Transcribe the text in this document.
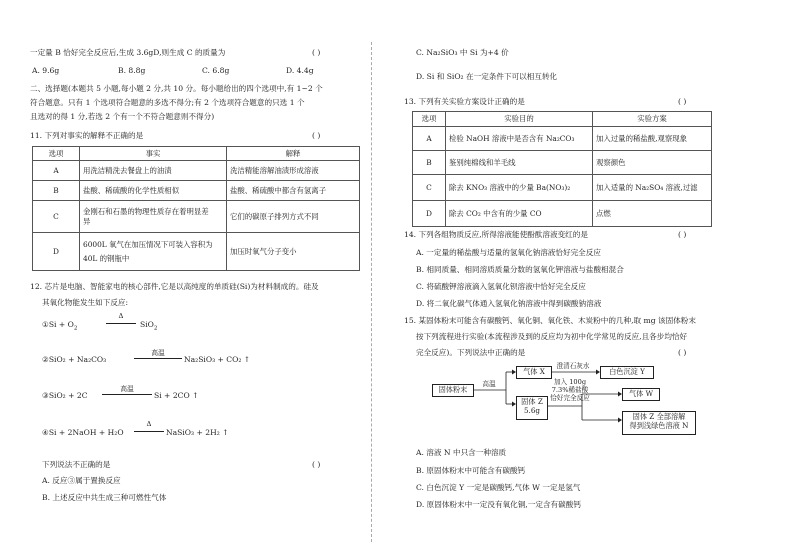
一定量 B 恰好完全反应后,生成 3.6gD,则生成 C 的质量为	( )
A. 9.6g	B. 8.8g	C. 6.8g	D. 4.4g
二、选择题(本题共 5 小题,每小题 2 分,共 10 分。每小题给出的四个选项中,有 1~2 个
符合题意。只有 1 个选项符合题意的多选不得分;有 2 个选项符合题意的只选 1 个
且选对的得 1 分,若选 2 个有一个不符合题意则不得分)
11. 下列对事实的解释不正确的是	( )
选项	事实	解释
A	用洗洁精洗去餐盘上的油渍	洗洁精能溶解油渍形成溶液
B	盐酸、稀硫酸的化学性质相似	盐酸、稀硫酸中都含有氢离子
C	金刚石和石墨的物理性质存在着明显差
异	它们的碳原子排列方式不同
D	6000L 氧气在加压情况下可装入容积为
40L 的钢瓶中	加压时氧气分子变小
12. 芯片是电脑、智能家电的核心部件,它是以高纯度的单质硅(Si)为材料制成的。硅及
其氧化物能发生如下反应:
①Si + $O_2$
Δ
SiO$_2$
②SiO₂ + Na₂CO₃
高温
Na₂SiO₃ + CO₂ ↑
③SiO₂ + 2C
高温
Si + 2CO ↑
④Si + 2NaOH + H₂O
Δ
NaSiO₃ + 2H₂ ↑
下列说法不正确的是	( )
A. 反应③属于置换反应
B. 上述反应中共生成三种可燃性气体
C. Na₂SiO₃ 中 Si 为+4 价
D. Si 和 SiO₂ 在一定条件下可以相互转化
13. 下列有关实验方案设计正确的是	( )
选项	实验目的	实验方案
A	检验 NaOH 溶液中是否含有 Na₂CO₃	加入过量的稀盐酸,观察现象
B	鉴别纯棉线和羊毛线	观察颜色
C	除去 KNO₃ 溶液中的少量 Ba(NO₃)₂	加入适量的 Na₂SO₄ 溶液,过滤
D	除去 CO₂ 中含有的少量 CO	点燃
14. 下列各组物质反应,所得溶液能使酚酞溶液变红的是	( )
A. 一定量的稀盐酸与适量的氢氧化钠溶液恰好完全反应
B. 相同质量、相同溶质质量分数的氢氧化钾溶液与盐酸相混合
C. 将硫酸钾溶液滴入氢氧化钡溶液中恰好完全反应
D. 将二氧化碳气体通入氢氧化钠溶液中得到碳酸钠溶液
15. 某固体粉末可能含有碳酸钙、氧化铜、氧化铁、木炭粉中的几种,取 mg 该固体粉末
按下列流程进行实验(本流程涉及到的反应均为初中化学常见的反应,且各步均恰好
完全反应)。下列说法中正确的是	( )
固体粉末
高温
气体 X
澄清石灰水
白色沉淀 Y
固体 Z
5.6g
加入 100g
7.3%稀盐酸
恰好完全反应	气体 W
固体 Z 全部溶解
得到浅绿色溶液 N
A. 溶液 N 中只含一种溶质
B. 原固体粉末中可能含有碳酸钙
C. 白色沉淀 Y 一定是碳酸钙,气体 W 一定是氢气
D. 原固体粉末中一定没有氧化铜,一定含有碳酸钙
